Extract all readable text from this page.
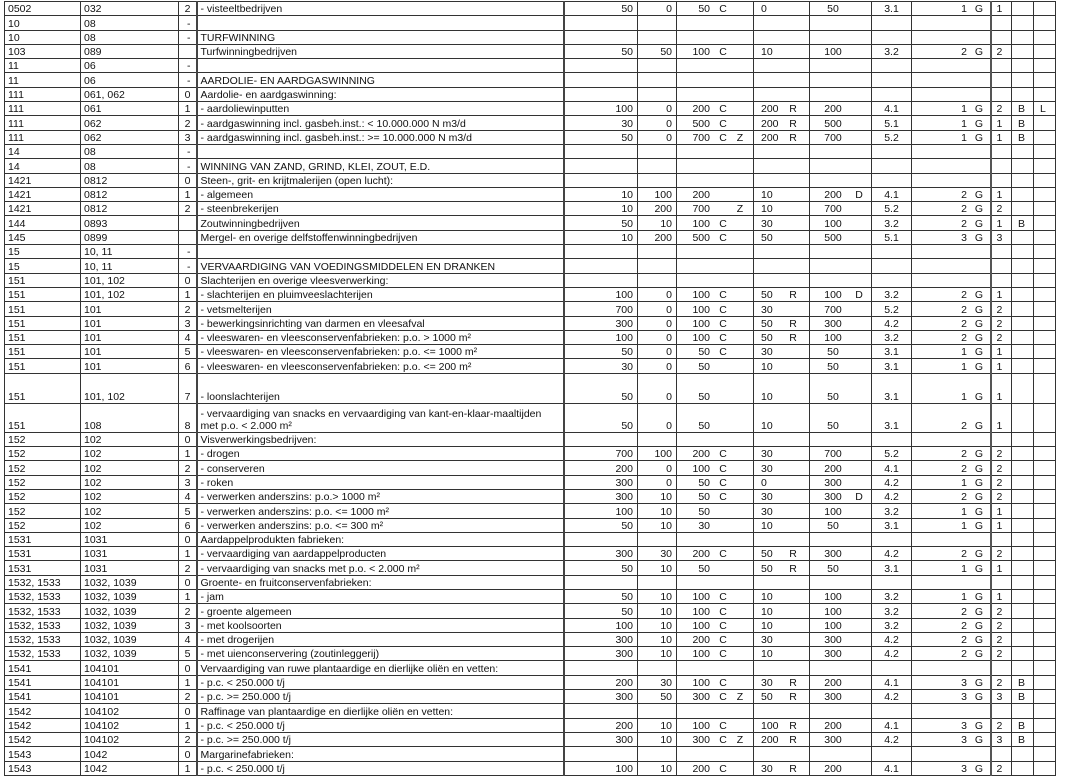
0502	032	2	- visteeltbedrijven	50	0	50 C	0	50	3.1	1 G	1		
10	08	-											
10	08	-	TURFWINNING										
103	089		Turfwinningbedrijven	50	50	100 C	10	100	3.2	2 G	2		
11	06	-											
11	06	-	AARDOLIE- EN AARDGASWINNING										
111	061, 062	0	Aardolie- en aardgaswinning:										
111	061	1	- aardoliewinputten	100	0	200 C	200 R	200	4.1	1 G	2	B	L
111	062	2	- aardgaswinning incl. gasbeh.inst.: < 10.000.000 N m3/d	30	0	500 C	200 R	500	5.1	1 G	1	B	
111	062	3	- aardgaswinning incl. gasbeh.inst.: >= 10.000.000 N m3/d	50	0	700 C Z	200 R	700	5.2	1 G	1	B	
14	08	-											
14	08	-	WINNING VAN ZAND, GRIND, KLEI, ZOUT, E.D.										
1421	0812	0	Steen-, grit- en krijtmalerijen (open lucht):										
1421	0812	1	- algemeen	10	100	200	10	200 D	4.1	2 G	1		
1421	0812	2	- steenbrekerijen	10	200	700 Z	10	700	5.2	2 G	2		
144	0893		Zoutwinningbedrijven	50	10	100 C	30	100	3.2	2 G	1	B	
145	0899		Mergel- en overige delfstoffenwinningbedrijven	10	200	500 C	50	500	5.1	3 G	3		
15	10, 11	-											
15	10, 11	-	VERVAARDIGING VAN VOEDINGSMIDDELEN EN DRANKEN										
151	101, 102	0	Slachterijen en overige vleesverwerking:										
151	101, 102	1	- slachterijen en pluimveeslachterijen	100	0	100 C	50 R	100 D	3.2	2 G	1		
151	101	2	- vetsmelterijen	700	0	100 C	30	700	5.2	2 G	2		
151	101	3	- bewerkingsinrichting van darmen en vleesafval	300	0	100 C	50 R	300	4.2	2 G	2		
151	101	4	- vleeswaren- en vleesconservenfabrieken: p.o. > 1000 m²	100	0	100 C	50 R	100	3.2	2 G	2		
151	101	5	- vleeswaren- en vleesconservenfabrieken: p.o. <= 1000 m²	50	0	50 C	30	50	3.1	1 G	1		
151	101	6	- vleeswaren- en vleesconservenfabrieken: p.o. <= 200 m²	30	0	50	10	50	3.1	1 G	1		
151	101, 102	7	- loonslachterijen	50	0	50	10	50	3.1	1 G	1		
151	108	8	- vervaardiging van snacks en vervaardiging van kant-en-klaar-maaltijden met p.o. < 2.000 m²	50	0	50	10	50	3.1	2 G	1		
152	102	0	Visverwerkingsbedrijven:										
152	102	1	- drogen	700	100	200 C	30	700	5.2	2 G	2		
152	102	2	- conserveren	200	0	100 C	30	200	4.1	2 G	2		
152	102	3	- roken	300	0	50 C	0	300	4.2	1 G	2		
152	102	4	- verwerken anderszins: p.o.> 1000 m²	300	10	50 C	30	300 D	4.2	2 G	2		
152	102	5	- verwerken anderszins: p.o. <= 1000 m²	100	10	50	30	100	3.2	1 G	1		
152	102	6	- verwerken anderszins: p.o. <= 300 m²	50	10	30	10	50	3.1	1 G	1		
1531	1031	0	Aardappelprodukten fabrieken:										
1531	1031	1	- vervaardiging van aardappelproducten	300	30	200 C	50 R	300	4.2	2 G	2		
1531	1031	2	- vervaardiging van snacks met p.o. < 2.000 m²	50	10	50	50 R	50	3.1	1 G	1		
1532, 1533	1032, 1039	0	Groente- en fruitconservenfabrieken:										
1532, 1533	1032, 1039	1	- jam	50	10	100 C	10	100	3.2	1 G	1		
1532, 1533	1032, 1039	2	- groente algemeen	50	10	100 C	10	100	3.2	2 G	2		
1532, 1533	1032, 1039	3	- met koolsoorten	100	10	100 C	10	100	3.2	2 G	2		
1532, 1533	1032, 1039	4	- met drogerijen	300	10	200 C	30	300	4.2	2 G	2		
1532, 1533	1032, 1039	5	- met uienconservering (zoutinleggerij)	300	10	100 C	10	300	4.2	2 G	2		
1541	104101	0	Vervaardiging van ruwe plantaardige en dierlijke oliën en vetten:										
1541	104101	1	- p.c. < 250.000 t/j	200	30	100 C	30 R	200	4.1	3 G	2	B	
1541	104101	2	- p.c. >= 250.000 t/j	300	50	300 C Z	50 R	300	4.2	3 G	3	B	
1542	104102	0	Raffinage van plantaardige en dierlijke oliën en vetten:										
1542	104102	1	- p.c. < 250.000 t/j	200	10	100 C	100 R	200	4.1	3 G	2	B	
1542	104102	2	- p.c. >= 250.000 t/j	300	10	300 C Z	200 R	300	4.2	3 G	3	B	
1543	1042	0	Margarinefabrieken:										
1543	1042	1	- p.c. < 250.000 t/j	100	10	200 C	30 R	200	4.1	3 G	2		
